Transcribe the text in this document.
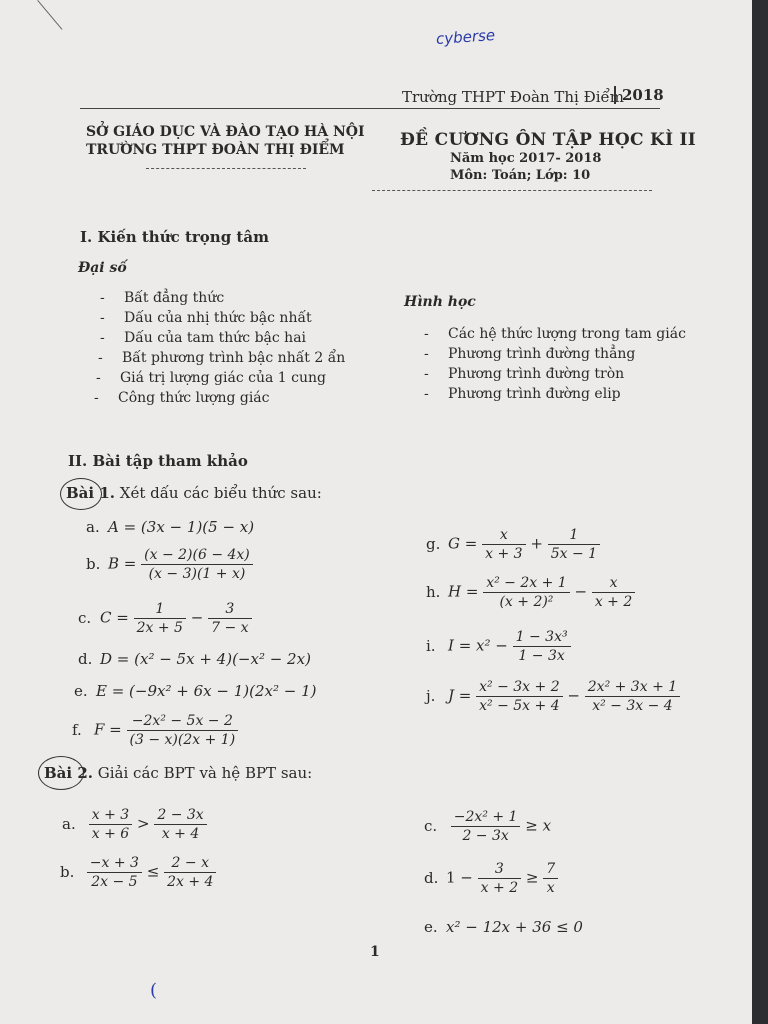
cyberse
Trường THPT Đoàn Thị Điểm
2018
SỞ GIÁO DỤC VÀ ĐÀO TẠO HÀ NỘI
TRƯỜNG THPT ĐOÀN THỊ ĐIỂM	ĐỀ CƯƠNG ÔN TẬP HỌC KÌ II
Năm học 2017- 2018
Môn: Toán; Lớp: 10
I. Kiến thức trọng tâm
Đại số
- Bất đẳng thức
- Dấu của nhị thức bậc nhất
- Dấu của tam thức bậc hai
- Bất phương trình bậc nhất 2 ẩn
- Giá trị lượng giác của 1 cung
- Công thức lượng giác
Hình học
- Các hệ thức lượng trong tam giác
- Phương trình đường thẳng
- Phương trình đường tròn
- Phương trình đường elip
II. Bài tập tham khảo
Bài 1. Xét dấu các biểu thức sau:
a. A = (3x − 1)(5 − x)
b. $B = \frac{(x - 2)(6 - 4x)}{(x - 3)(1 + x)}$
c. $C = \frac{1}{2x + 5} - \frac{3}{7 - x}$
d. D = (x² − 5x + 4)(−x² − 2x)
e. E = (−9x² + 6x − 1)(2x² − 1)
f. $F = \frac{\text{−2x² − 5x − 2}}{(3 - x)(2x + 1)}$
g. $G = \frac{x}{x + 3} + \frac{1}{5x - 1}$
h. $H = \frac{\text{x² − 2x + 1}}{\text{(x + 2)²}} - \frac{x}{x + 2}$
i. $I = x^2 - \frac{\text{1 − 3x³}}{1 - 3x}$
j. $J = \frac{\text{x² − 3x + 2}}{\text{x² − 5x + 4}} - \frac{\text{2x² + 3x + 1}}{\text{x² − 3x − 4}}$
Bài 2. Giải các BPT và hệ BPT sau:
a. $\frac{x + 3}{x + 6} > \frac{2 - 3x}{x + 4}$
b. $\frac{-x + 3}{2x - 5} \le \frac{2 - x}{2x + 4}$
c. $\frac{\text{−2x² + 1}}{2 - 3x} \ge x$
d. $1 - \frac{3}{x + 2} \ge \frac{7}{x}$
e. x² − 12x + 36 ≤ 0
1
(
